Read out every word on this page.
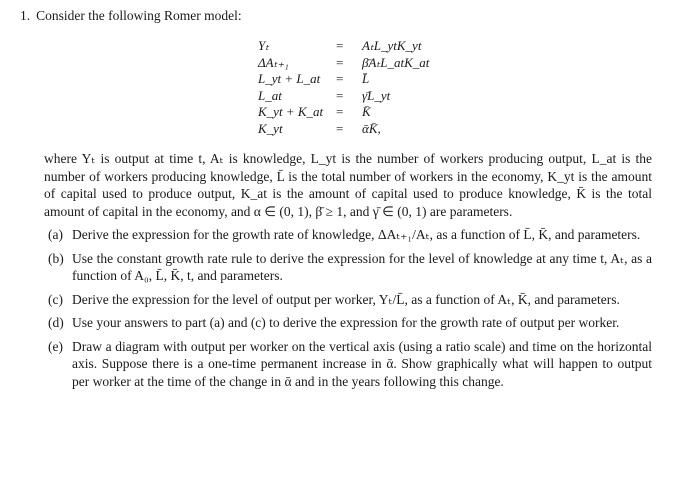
1. Consider the following Romer model:
Yₜ	=	AₜL_ytK_yt
ΔAₜ₊₁	=	β̄AₜL_atK_at
L_yt + L_at	=	L̄
L_at	=	γ̄L_yt
K_yt + K_at	=	K̄
K_yt	=	ᾱK̄,

where Yₜ is output at time t, Aₜ is knowledge, L_yt is the number of workers producing output, L_at is the number of workers producing knowledge, L̄ is the total number of workers in the economy, K_yt is the amount of capital used to produce output, K_at is the amount of capital used to produce knowledge, K̄ is the total amount of capital in the economy, and α ∈ (0, 1), β̄ ≥ 1, and γ̄ ∈ (0, 1) are parameters.

(a) Derive the expression for the growth rate of knowledge, ΔAₜ₊₁/Aₜ, as a function of L̄, K̄, and parameters.
(b) Use the constant growth rate rule to derive the expression for the level of knowledge at any time t, Aₜ, as a function of A₀, L̄, K̄, t, and parameters.
(c) Derive the expression for the level of output per worker, Yₜ/L̄, as a function of Aₜ, K̄, and parameters.
(d) Use your answers to part (a) and (c) to derive the expression for the growth rate of output per worker.
(e) Draw a diagram with output per worker on the vertical axis (using a ratio scale) and time on the horizontal axis. Suppose there is a one-time permanent increase in ᾱ. Show graphically what will happen to output per worker at the time of the change in ᾱ and in the years following this change.
